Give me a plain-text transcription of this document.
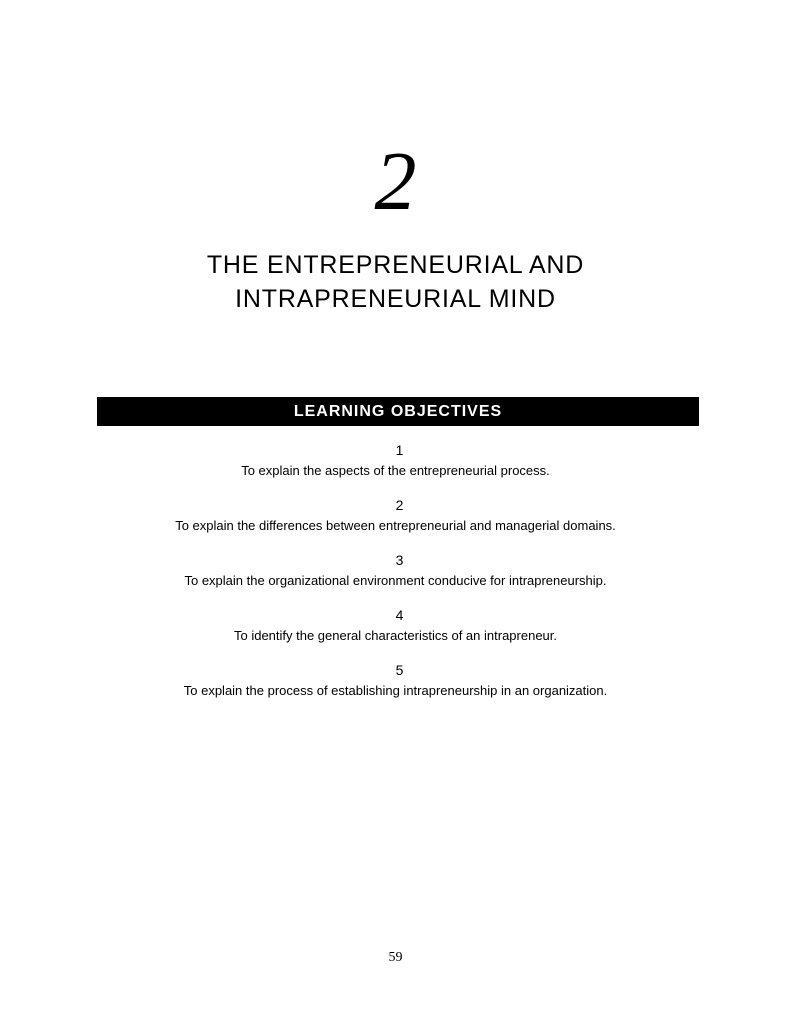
2
THE ENTREPRENEURIAL AND
INTRAPRENEURIAL MIND
LEARNING OBJECTIVES
1
To explain the aspects of the entrepreneurial process.
2
To explain the differences between entrepreneurial and managerial domains.
3
To explain the organizational environment conducive for intrapreneurship.
4
To identify the general characteristics of an intrapreneur.
5
To explain the process of establishing intrapreneurship in an organization.
59
